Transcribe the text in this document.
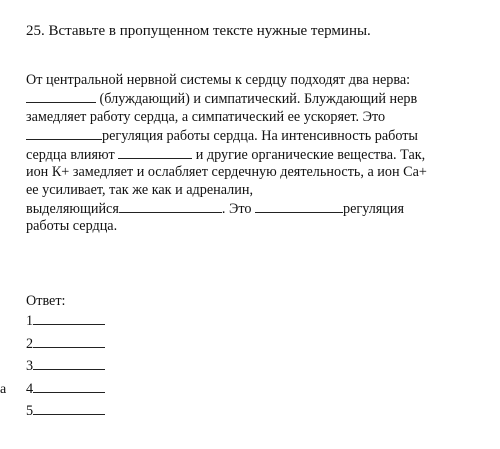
25. Вставьте в пропущенном тексте нужные термины.
От центральной нервной системы к сердцу подходят два нерва:
(блуждающий) и симпатический. Блуждающий нерв
замедляет работу сердца, а симпатический ее ускоряет. Это
регуляция работы сердца. На интенсивность работы
сердца влияют	и другие органические вещества. Так,
ион К+ замедляет и ослабляет сердечную деятельность, а ион Са+
ее усиливает, так же как и адреналин,
выделяющийся	. Это	регуляция
работы сердца.
Ответ:
1
2
3
4
5
а
